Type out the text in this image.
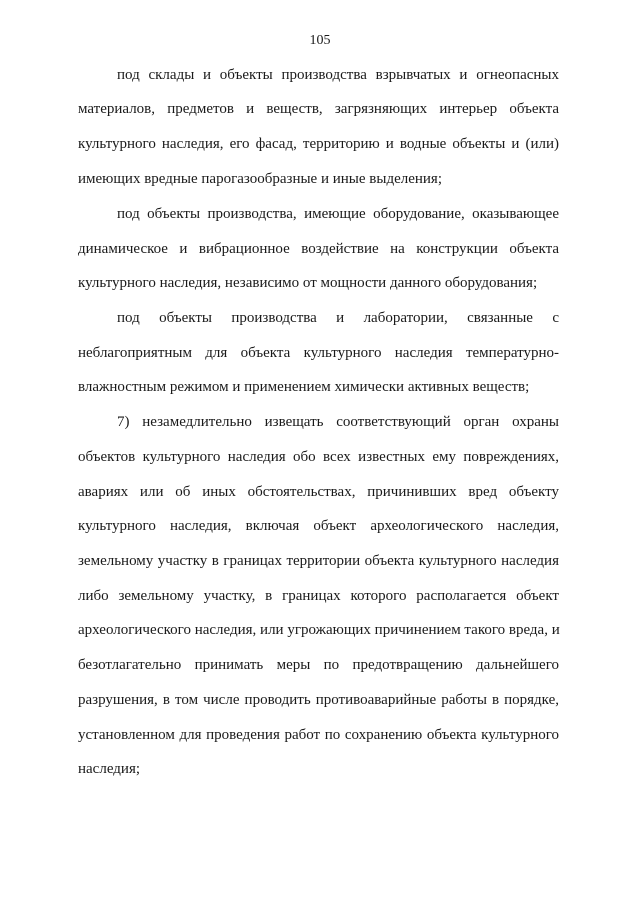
105
под склады и объекты производства взрывчатых и огнеопасных
материалов, предметов и веществ, загрязняющих интерьер объекта
культурного наследия, его фасад, территорию и водные объекты и (или)
имеющих вредные парогазообразные и иные выделения;
под объекты производства, имеющие оборудование, оказывающее
динамическое и вибрационное воздействие на конструкции объекта
культурного наследия, независимо от мощности данного оборудования;
под объекты производства и лаборатории, связанные с
неблагоприятным для объекта культурного наследия температурно-
влажностным режимом и применением химически активных веществ;
7) незамедлительно извещать соответствующий орган охраны
объектов культурного наследия обо всех известных ему повреждениях,
авариях или об иных обстоятельствах, причинивших вред объекту
культурного наследия, включая объект археологического наследия,
земельному участку в границах территории объекта культурного наследия
либо земельному участку, в границах которого располагается объект
археологического наследия, или угрожающих причинением такого вреда, и
безотлагательно принимать меры по предотвращению дальнейшего
разрушения, в том числе проводить противоаварийные работы в порядке,
установленном для проведения работ по сохранению объекта культурного
наследия;
